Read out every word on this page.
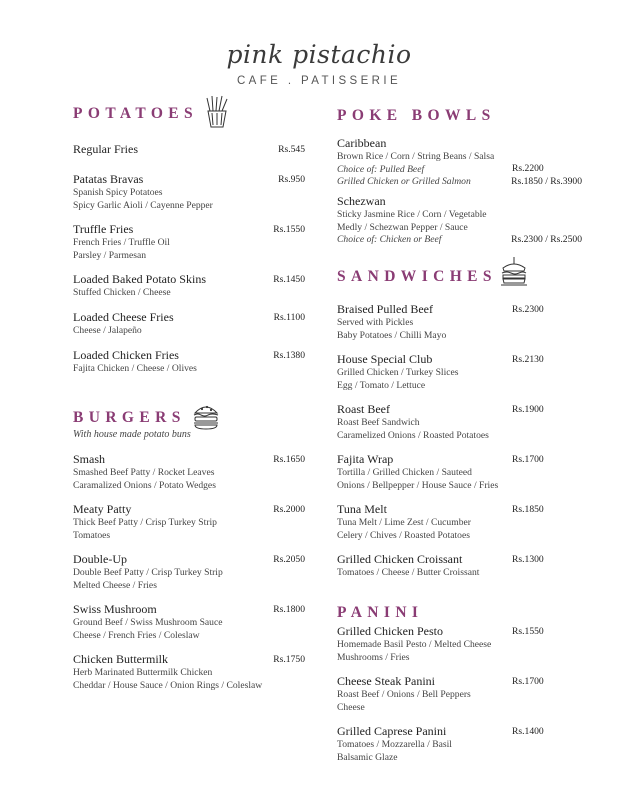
pink pistachio
CAFE . PATISSERIE
POTATOES
Regular Fries	Rs.545
Patatas Bravas
Spanish Spicy Potatoes
Spicy Garlic Aioli / Cayenne Pepper
Rs.950
Truffle Fries
French Fries / Truffle Oil
Parsley / Parmesan
Rs.1550
Loaded Baked Potato Skins
Stuffed Chicken / Cheese
Rs.1450
Loaded Cheese Fries
Cheese / Jalapeño
Rs.1100
Loaded Chicken Fries
Fajita Chicken / Cheese / Olives
Rs.1380
BURGERS
With house made potato buns
Smash
Smashed Beef Patty / Rocket Leaves
Caramalized Onions / Potato Wedges
Rs.1650
Meaty Patty
Thick Beef Patty / Crisp Turkey Strip
Tomatoes
Rs.2000
Double-Up
Double Beef Patty / Crisp Turkey Strip
Melted Cheese / Fries
Rs.2050
Swiss Mushroom
Ground Beef / Swiss Mushroom Sauce
Cheese / French Fries / Coleslaw
Rs.1800
Chicken Buttermilk
Herb Marinated Buttermilk Chicken
Cheddar / House Sauce / Onion Rings / Coleslaw
Rs.1750
POKE BOWLS
Caribbean
Brown Rice / Corn / String Beans / Salsa
Choice of: Pulled Beef
Grilled Chicken or Grilled Salmon
Rs.2200
Rs.1850 / Rs.3900
Schezwan
Sticky Jasmine Rice / Corn / Vegetable
Medly / Schezwan Pepper / Sauce
Choice of: Chicken or Beef	Rs.2300 / Rs.2500
SANDWICHES
Braised Pulled Beef
Served with Pickles
Baby Potatoes / Chilli Mayo
Rs.2300
House Special Club
Grilled Chicken / Turkey Slices
Egg / Tomato / Lettuce
Rs.2130
Roast Beef
Roast Beef Sandwich
Caramelized Onions / Roasted Potatoes
Rs.1900
Fajita Wrap
Tortilla / Grilled Chicken / Sauteed
Onions / Bellpepper / House Sauce / Fries
Rs.1700
Tuna Melt
Tuna Melt / Lime Zest / Cucumber
Celery / Chives / Roasted Potatoes
Rs.1850
Grilled Chicken Croissant
Tomatoes / Cheese / Butter Croissant
Rs.1300
PANINI
Grilled Chicken Pesto
Homemade Basil Pesto / Melted Cheese
Mushrooms / Fries
Rs.1550
Cheese Steak Panini
Roast Beef / Onions / Bell Peppers
Cheese
Rs.1700
Grilled Caprese Panini
Tomatoes / Mozzarella / Basil
Balsamic Glaze
Rs.1400
